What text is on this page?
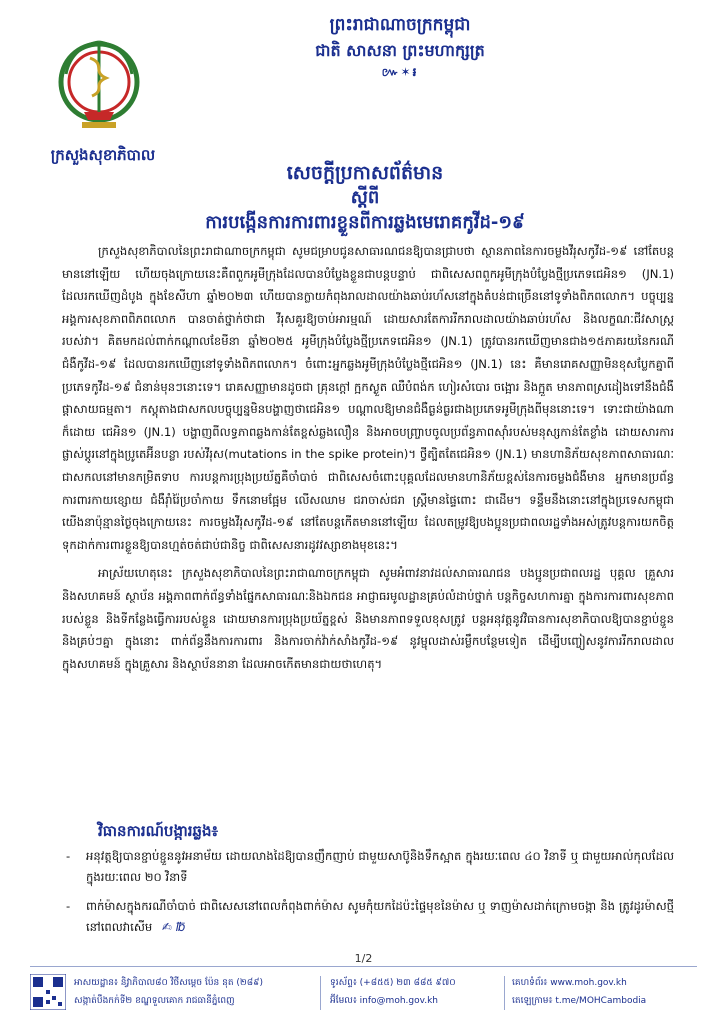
ព្រះរាជាណាចក្រកម្ពុជា
ជាតិ សាសនា ព្រះមហាក្សត្រ
៚✶៛
ក្រសួងសុខាភិបាល
សេចក្តីប្រកាសព័ត៌មាន
ស្តីពី
ការបង្កើនការការពារខ្លួនពីការឆ្លងមេរោគកូវីដ-១៩

ក្រសួងសុខាភិបាលនៃព្រះរាជាណាចក្រកម្ពុជា សូមជម្រាបជូនសាធារណជនឱ្យបានជ្រាបថា ស្ថានភាពនៃការចម្លងវីរុសកូវីដ-១៩ នៅតែបន្តមាននៅឡើយ ហើយចុងក្រោយនេះគឺពពួកអូមីក្រុងដែលបានបំប្លែងខ្លួនជាបន្តបន្ទាប់ ជាពិសេសពពួកអូមីក្រុងបំប្លែងថ្មីប្រភេទជេអិន១ (JN.1) ដែលរកឃើញដំបូង ក្នុងខែសីហា ឆ្នាំ២០២៣ ហើយបានក្លាយកំពុងរាលដាលយ៉ាងឆាប់រហ័សនៅក្នុងតំបន់ជាច្រើននៅទូទាំងពិភពលោក។ បច្ចុប្បន្នអង្គការសុខភាពពិភពលោក បានចាត់ថ្នាក់ថាជា វីរុសគួរឱ្យចាប់អារម្មណ៍ ដោយសារតែការរីករាលដាលយ៉ាងឆាប់រហ័ស និងលក្ខណៈជីវសាស្ត្ររបស់វា។ គិតមកដល់ពាក់កណ្តាលខែមីនា ឆ្នាំ២០២៥ អូមីក្រុងបំប្លែងថ្មីប្រភេទជេអិន១ (JN.1) ត្រូវបានរកឃើញមានជាង១៥ភាគរយនៃករណីជំងឺកូវីដ-១៩ ដែលបានរកឃើញនៅទូទាំងពិភពលោក។ ចំពោះអ្នកឆ្លងអូមីក្រុងបំប្លែងថ្មីជេអិន១ (JN.1) នេះ គឺមានរោគសញ្ញាមិនខុសប្លែកគ្នាពីប្រភេទកូវីដ-១៩ ជំនាន់មុនៗនោះទេ។ រោគសញ្ញាមានដូចជា គ្រុនក្តៅ ក្អកស្ងួត ឈឺបំពង់ក ហៀរសំបោរ ចង្អោរ និងក្អួត មានភាពស្រដៀងទៅនឹងជំងឺផ្តាសាយធម្មតា។ កស្តុតាងជាសកលបច្ចុប្បន្នមិនបង្ហាញថាជេអិន១ បណ្តាលឱ្យមានជំងឺធ្ងន់ធ្ងរជាងប្រភេទអូមីក្រុងពីមុននោះទេ។ ទោះជាយ៉ាងណាក៏ដោយ ជេអិន១ (JN.1) បង្ហាញពីលទ្ធភាពឆ្លងកាន់តែខ្ពស់ឆ្លងលឿន និងអាចបញ្ច្រាបចូលប្រព័ន្ធភាពស៊ាំរបស់មនុស្សកាន់តែខ្លាំង ដោយសារការផ្លាស់ប្តូរនៅក្នុងប្រូតេអ៊ីនបន្លា របស់វីរុស(mutations in the spike protein)។ ថ្វីត្បិតតែជេអិន១ (JN.1) មានហានិភ័យសុខភាពសាធារណៈជាសកលនៅមានកម្រិតទាប ការបន្តការប្រុងប្រយ័ត្នគឺចាំបាច់ ជាពិសេសចំពោះបុគ្គលដែលមានហានិភ័យខ្ពស់នៃការចម្លងជំងឺមាន អ្នកមានប្រព័ន្ធការពារកាយខ្សោយ ជំងឺរ៉ាំរ៉ៃប្រចាំកាយ ទឹកនោមផ្អែម លើសឈាម ជរាចាស់ជរា ស្ត្រីមានផ្ទៃពោះ ជាដើម។ ទន្ទឹមនឹងនោះនៅក្នុងប្រទេសកម្ពុជាយើងនាប៉ុន្មានថ្ងៃចុងក្រោយនេះ ការចម្លងវីរុសកូវីដ-១៩ នៅតែបន្តកើតមាននៅឡើយ ដែលតម្រូវឱ្យបងប្អូនប្រជាពលរដ្ឋទាំងអស់ត្រូវបន្តការយកចិត្តទុកដាក់ការពារខ្លួនឱ្យបានហ្មត់ចត់ជាប់ជានិច្ច ជាពិសេសនារដូវវស្សាខាងមុខនេះ។

អាស្រ័យហេតុនេះ ក្រសួងសុខាភិបាលនៃព្រះរាជាណាចក្រកម្ពុជា សូមអំពាវនាវដល់សាធារណជន បងប្អូនប្រជាពលរដ្ឋ បុគ្គល គ្រួសារ និងសហគមន៍ ស្ថាប័ន អង្គភាពពាក់ព័ន្ធទាំងផ្នែកសាធារណៈនិងឯកជន អាជ្ញាធរមូលដ្ឋានគ្រប់លំដាប់ថ្នាក់ បន្តកិច្ចសហការគ្នា ក្នុងការការពារសុខភាពរបស់ខ្លួន និងទីកន្លែងធ្វើការរបស់ខ្លួន ដោយមានការប្រុងប្រយ័ត្នខ្ពស់ និងមានភាពទទួលខុសត្រូវ បន្តអនុវត្តនូវវិធានការសុខាភិបាលឱ្យបានខ្ជាប់ខ្ជួននិងគ្រប់ៗគ្នា ក្នុងនោះ ពាក់ព័ន្ធនឹងការការពារ និងការចាក់វ៉ាក់សាំងកូវីដ-១៩ នូវម្ជុលដាស់រម្លឹកបន្ថែមទៀត ដើម្បីបញ្ចៀសនូវការរីករាលដាលក្នុងសហគមន៍ ក្នុងគ្រួសារ និងស្ថាប័ននានា ដែលអាចកើតមានជាយថាហេតុ។

វិធានការណ៍បង្ការឆ្លង៖
- អនុវត្តឱ្យបានខ្ជាប់ខ្ជួននូវអនាម័យ ដោយលាងដៃឱ្យបានញឹកញាប់ ជាមួយសាប៊ូនិងទឹកស្អាត ក្នុងរយៈពេល ៤០ វិនាទី ឬ ជាមួយអាល់កុលដែលក្នុងរយៈពេល ២០ វិនាទី
- ពាក់ម៉ាសក្នុងករណីចាំបាច់ ជាពិសេសនៅពេលកំពុងពាក់ម៉ាស សូមកុំយកដៃប៉ះផ្ទៃមុខនៃម៉ាស ឬ ទាញម៉ាសដាក់ក្រោមចង្កា និង ត្រូវដូរម៉ាសថ្មី នៅពេលវាសើម ✍ ℔
1/2
អាសយដ្ឋាន៖ និវ្វាភិបាល៨០ វិថីសម្តេច ប៉ែន នុត (២៨៩)
សង្កាត់បឹងកក់ទី២ ខណ្ឌទួលគោក រាជធានីភ្នំពេញ
ទូរស័ព្ទ៖ (+៨៥៥) ២៣ ៨៨៥ ៩៧០
អ៊ីមែល៖ info@moh.gov.kh
គេហទំព័រ៖ www.moh.gov.kh
តេឡេក្រាម៖ t.me/MOHCambodia
